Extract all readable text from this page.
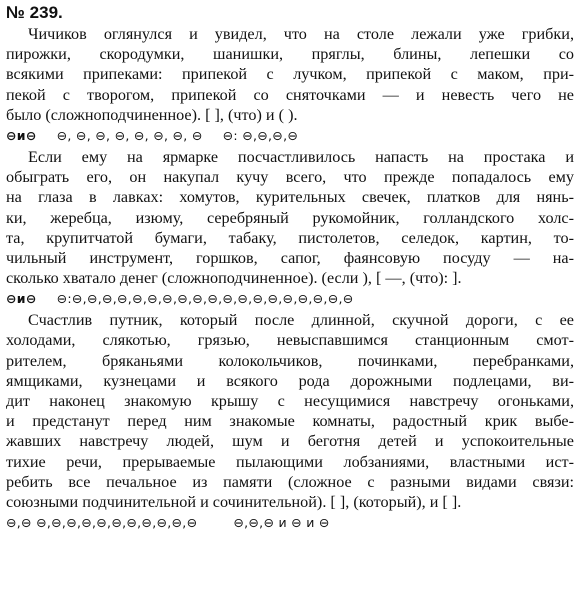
№ 239.
Чичиков оглянулся и увидел, что на столе лежали уже грибки,
пирожки, скородумки, шанишки, пряглы, блины, лепешки со
всякими припеками: припекой с лучком, припекой с маком, при-
пекой с творогом, припекой со сняточками — и невесть чего не
было (сложноподчиненное). [ ], (что) и ( ).
⊖и⊖ ⊖, ⊖, ⊖, ⊖, ⊖, ⊖, ⊖, ⊖ ⊖: ⊖,⊖,⊖,⊖
Если ему на ярмарке посчастливилось напасть на простака и
обыграть его, он накупал кучу всего, что прежде попадалось ему
на глаза в лавках: хомутов, курительных свечек, платков для нянь-
ки, жеребца, изюму, серебряный рукомойник, голландского холс-
та, крупитчатой бумаги, табаку, пистолетов, селедок, картин, то-
чильный инструмент, горшков, сапог, фаянсовую посуду — на-
сколько хватало денег (сложноподчиненное). (если ), [ —, (что): ].
⊖и⊖ ⊖:⊖,⊖,⊖,⊖,⊖,⊖,⊖,⊖,⊖,⊖,⊖,⊖,⊖,⊖,⊖,⊖,⊖,⊖,⊖
Счастлив путник, который после длинной, скучной дороги, с ее
холодами, слякотью, грязью, невыспавшимся станционным смот-
рителем, бряканьями колокольчиков, починками, перебранками,
ямщиками, кузнецами и всякого рода дорожными подлецами, ви-
дит наконец знакомую крышу с несущимися навстречу огоньками,
и предстанут перед ним знакомые комнаты, радостный крик выбе-
жавших навстречу людей, шум и беготня детей и успокоительные
тихие речи, прерываемые пылающими лобзаниями, властными ист-
ребить все печальное из памяти (сложное с разными видами связи:
союзными подчинительной и сочинительной). [ ], (который), и [ ].
⊖,⊖ ⊖,⊖,⊖,⊖,⊖,⊖,⊖,⊖,⊖,⊖,⊖	⊖,⊖,⊖ и ⊖ и ⊖
